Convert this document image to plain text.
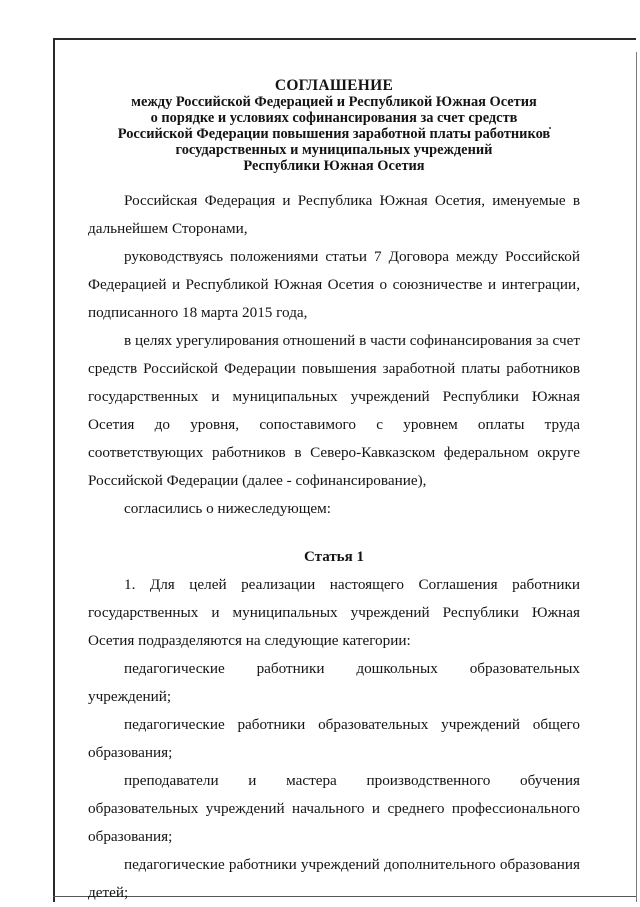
СОГЛАШЕНИЕ
между Российской Федерацией и Республикой Южная Осетия
о порядке и условиях софинансирования за счет средств
Российской Федерации повышения заработной платы работников
государственных и муниципальных учреждений
Республики Южная Осетия

Российская Федерация и Республика Южная Осетия, именуемые в дальнейшем Сторонами,

руководствуясь положениями статьи 7 Договора между Российской Федерацией и Республикой Южная Осетия о союзничестве и интеграции, подписанного 18 марта 2015 года,

в целях урегулирования отношений в части софинансирования за счет средств Российской Федерации повышения заработной платы работников государственных и муниципальных учреждений Республики Южная Осетия до уровня, сопоставимого с уровнем оплаты труда соответствующих работников в Северо-Кавказском федеральном округе Российской Федерации (далее - софинансирование),

согласились о нижеследующем:

Статья 1

1. Для целей реализации настоящего Соглашения работники государственных и муниципальных учреждений Республики Южная Осетия подразделяются на следующие категории:

педагогические работники дошкольных образовательных учреждений;

педагогические работники образовательных учреждений общего образования;

преподаватели и мастера производственного обучения образовательных учреждений начального и среднего профессионального образования;

педагогические работники учреждений дополнительного образования детей;
